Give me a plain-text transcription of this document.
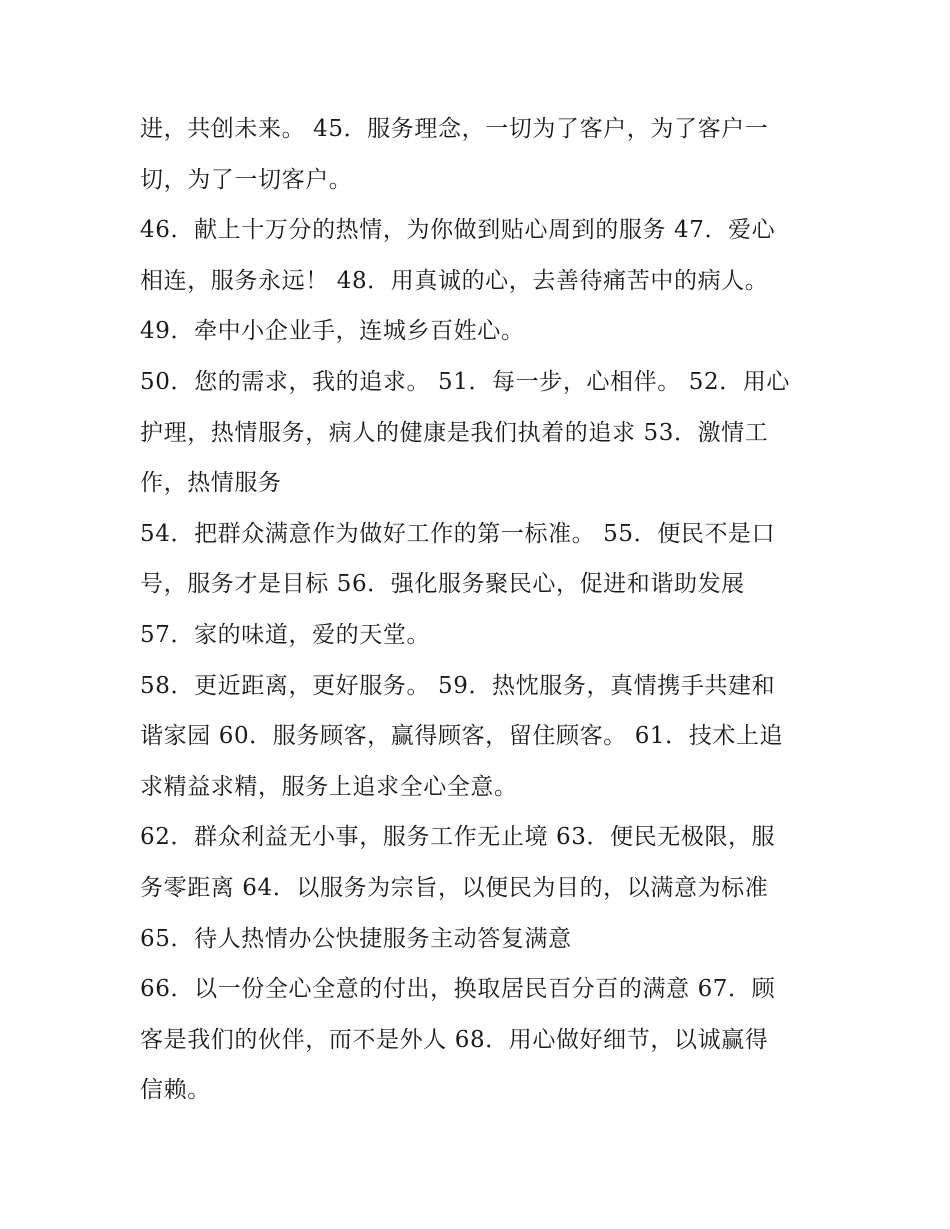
进，共创未来。 45．服务理念，一切为了客户，为了客户一
切，为了一切客户。
46．献上十万分的热情，为你做到贴心周到的服务 47．爱心
相连，服务永远！ 48．用真诚的心，去善待痛苦中的病人。
49．牵中小企业手，连城乡百姓心。
50．您的需求，我的追求。 51．每一步，心相伴。 52．用心
护理，热情服务，病人的健康是我们执着的追求 53．激情工
作，热情服务
54．把群众满意作为做好工作的第一标准。 55．便民不是口
号，服务才是目标 56．强化服务聚民心，促进和谐助发展
57．家的味道，爱的天堂。
58．更近距离，更好服务。 59．热忱服务，真情携手共建和
谐家园 60．服务顾客，赢得顾客，留住顾客。 61．技术上追
求精益求精，服务上追求全心全意。
62．群众利益无小事，服务工作无止境 63．便民无极限，服
务零距离 64．以服务为宗旨，以便民为目的，以满意为标准
65．待人热情办公快捷服务主动答复满意
66．以一份全心全意的付出，换取居民百分百的满意 67．顾
客是我们的伙伴，而不是外人 68．用心做好细节，以诚赢得
信赖。
